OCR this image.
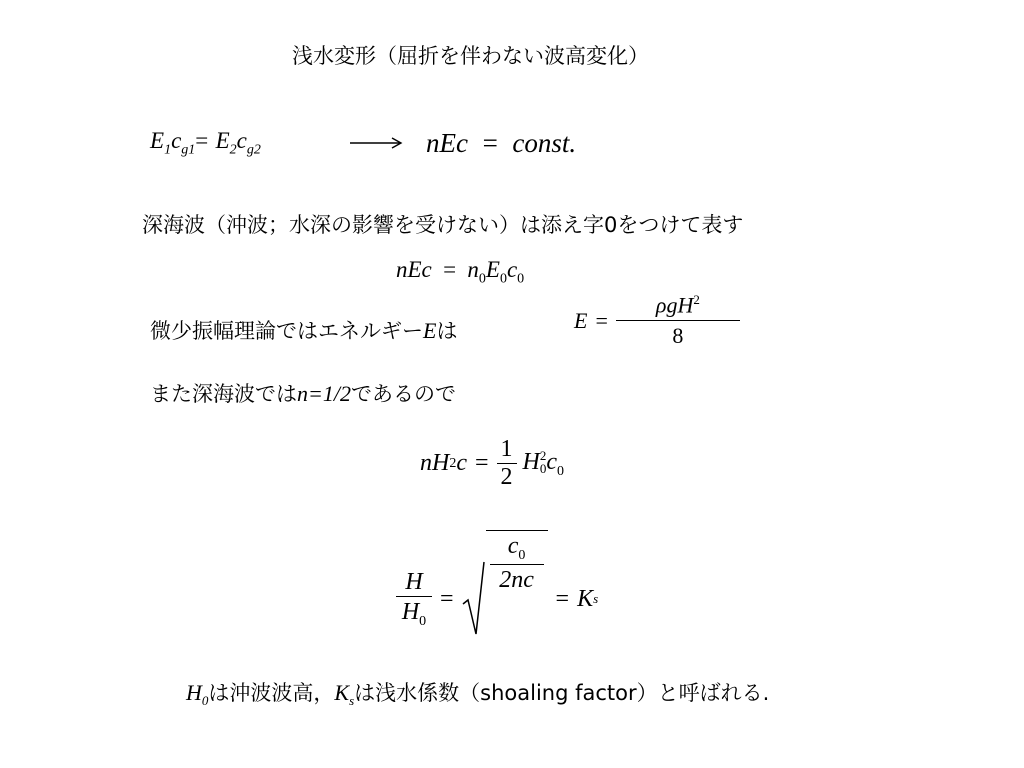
浅水変形（屈折を伴わない波高変化）
$E_1c_{g1}= E_2c_{g2}$	nEc = const.
深海波（沖波；水深の影響を受けない）は添え字0をつけて表す
nEc = $n_0E_0c_0$
微少振幅理論ではエネルギーEは	$E = \frac{\rho gH^2}{8}$
また深海波ではn=1/2であるので
n H 2 $c = \frac{1}{2}$ H 2
0 $c_0$
$\frac{H}{H_0}$ =
$\frac{c_0}{2nc}$
= K s
$H_0$は沖波波高，$K_s$は浅水係数（shoaling factor）と呼ばれる.
